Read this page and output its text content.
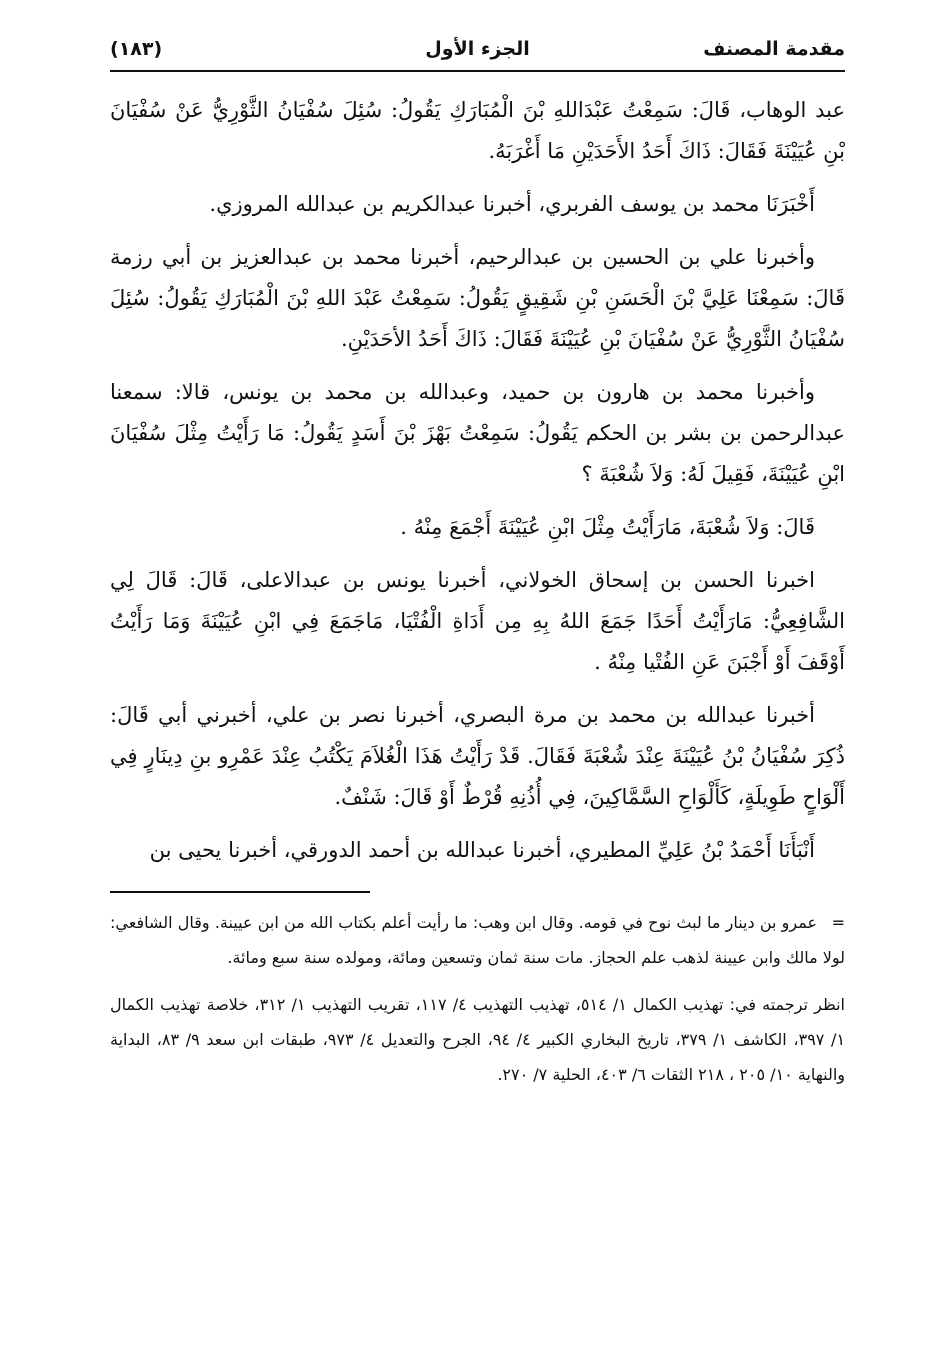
مقدمة المصنف
الجزء الأول
(١٨٣)

عبد الوهاب، قَالَ: سَمِعْتُ عَبْدَاللهِ بْنَ الْمُبَارَكِ يَقُولُ: سُئِلَ سُفْيَانُ الثَّوْرِيُّ عَنْ سُفْيَانَ بْنِ عُيَيْنَةَ فَقَالَ: ذَاكَ أَحَدُ الأَحَدَيْنِ مَا أَغْرَبَهُ.

أَخْبَرَنَا محمد بن يوسف الفربري، أخبرنا عبدالكريم بن عبدالله المروزي.

وأخبرنا علي بن الحسين بن عبدالرحيم، أخبرنا محمد بن عبدالعزيز بن أبي رزمة قَالَ: سَمِعْنَا عَلِيَّ بْنَ الْحَسَنِ بْنِ شَقِيقٍ يَقُولُ: سَمِعْتُ عَبْدَ اللهِ بْنَ الْمُبَارَكِ يَقُولُ: سُئِلَ سُفْيَانُ الثَّوْرِيُّ عَنْ سُفْيَانَ بْنِ عُيَيْنَةَ فَقَالَ: ذَاكَ أَحَدُ الأحَدَيْنِ.

وأخبرنا محمد بن هارون بن حميد، وعبدالله بن محمد بن يونس، قالا: سمعنا عبدالرحمن بن بشر بن الحكم يَقُولُ: سَمِعْتُ بَهْزَ بْنَ أَسَدٍ يَقُولُ: مَا رَأَيْتُ مِثْلَ سُفْيَانَ ابْنِ عُيَيْنَةَ، فَقِيلَ لَهُ: وَلاَ شُعْبَةَ ؟

قَالَ: وَلاَ شُعْبَةَ، مَارَأَيْتُ مِثْلَ ابْنِ عُيَيْنَةَ أَجْمَعَ مِنْهُ .

اخبرنا الحسن بن إسحاق الخولاني، أخبرنا يونس بن عبدالاعلى، قَالَ: قَالَ لِي الشَّافِعِيُّ: مَارَأَيْتُ أَحَدًا جَمَعَ اللهُ بِهِ مِن أَدَاةِ الْفُتْيَا، مَاجَمَعَ فِي ابْنِ عُيَيْنَةَ وَمَا رَأَيْتُ أَوْقَفَ أَوْ أَجْبَنَ عَنِ الفُتْيا مِنْهُ .

أخبرنا عبدالله بن محمد بن مرة البصري، أخبرنا نصر بن علي، أخبرني أبي قَالَ: ذُكِرَ سُفْيَانُ بْنُ عُيَيْنَةَ عِنْدَ شُعْبَةَ فَقَالَ. قَدْ رَأَيْتُ هَذَا الْغُلاَمَ يَكْتُبُ عِنْدَ عَمْرِو بنِ دِينَارٍ فِي أَلْوَاحٍ طَوِيلَةٍ، كَأَلْوَاحِ السَّمَّاكِينَ، فِي أُذُنِهِ قُرْطٌ أَوْ قَالَ: شَنْفٌ.

أَنْبَأَنَا أَحْمَدُ بْنُ عَلِيِّ المطيري، أخبرنا عبدالله بن أحمد الدورقي، أخبرنا يحيى بن

=عمرو بن دينار ما لبث نوح في قومه. وقال ابن وهب: ما رأيت أعلم بكتاب الله من ابن عيينة. وقال الشافعي: لولا مالك وابن عيينة لذهب علم الحجاز. مات سنة ثمان وتسعين ومائة، ومولده سنة سبع ومائة.

انظر ترجمته في: تهذيب الكمال ١/ ٥١٤، تهذيب التهذيب ٤/ ١١٧، تقريب التهذيب ١/ ٣١٢، خلاصة تهذيب الكمال ١/ ٣٩٧، الكاشف ١/ ٣٧٩، تاريخ البخاري الكبير ٤/ ٩٤، الجرح والتعديل ٤/ ٩٧٣، طبقات ابن سعد ٩/ ٨٣، البداية والنهاية ١٠/ ٢٠٥ ، ٢١٨ الثقات ٦/ ٤٠٣، الحلية ٧/ ٢٧٠.
